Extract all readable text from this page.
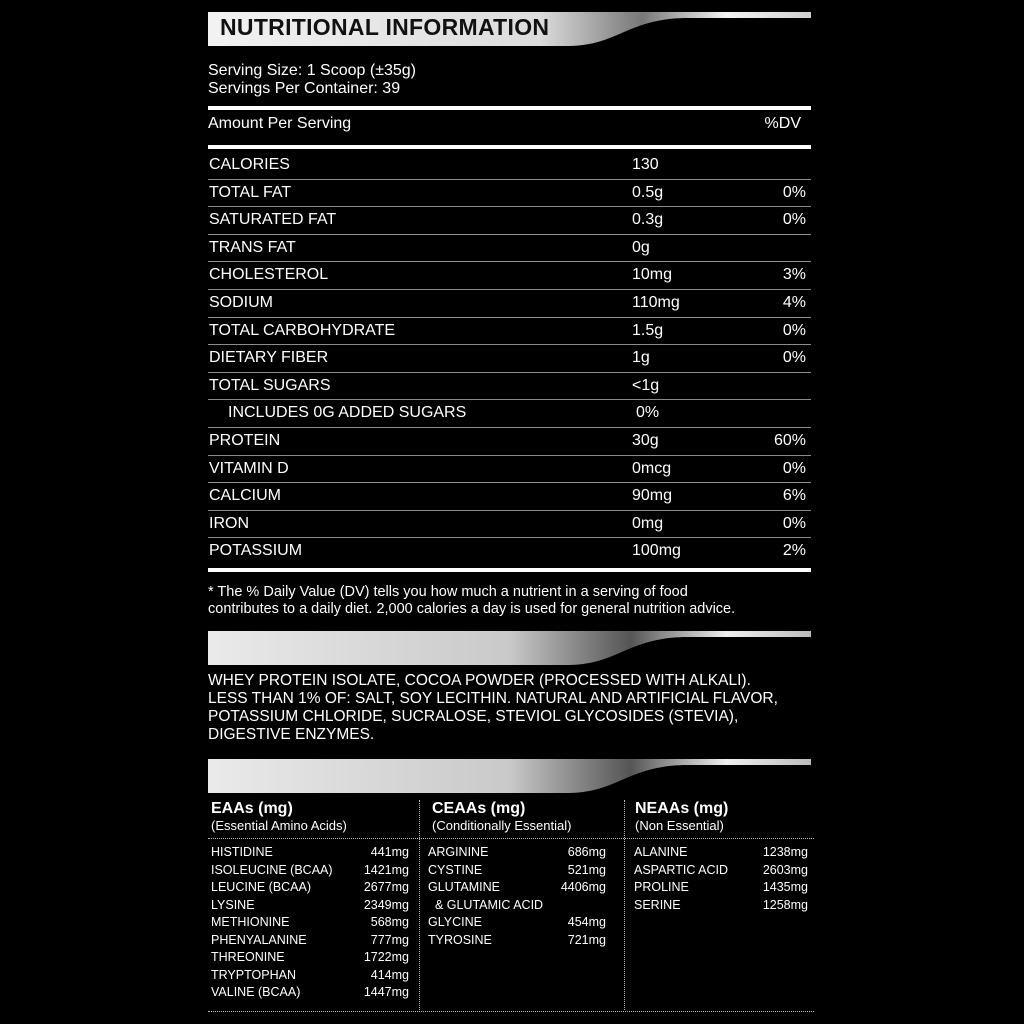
NUTRITIONAL INFORMATION
Serving Size: 1 Scoop (±35g)
Servings Per Container: 39
Amount Per Serving	%DV
CALORIES	130
TOTAL FAT	0.5g	0%
SATURATED FAT	0.3g	0%
TRANS FAT	0g
CHOLESTEROL	10mg	3%
SODIUM	110mg	4%
TOTAL CARBOHYDRATE	1.5g	0%
DIETARY FIBER	1g	0%
TOTAL SUGARS	<1g
INCLUDES 0G ADDED SUGARS	0%
PROTEIN	30g	60%
VITAMIN D	0mcg	0%
CALCIUM	90mg	6%
IRON	0mg	0%
POTASSIUM	100mg	2%
* The % Daily Value (DV) tells you how much a nutrient in a serving of food
contributes to a daily diet. 2,000 calories a day is used for general nutrition advice.
WHEY PROTEIN ISOLATE, COCOA POWDER (PROCESSED WITH ALKALI).
LESS THAN 1% OF: SALT, SOY LECITHIN. NATURAL AND ARTIFICIAL FLAVOR,
POTASSIUM CHLORIDE, SUCRALOSE, STEVIOL GLYCOSIDES (STEVIA),
DIGESTIVE ENZYMES.
EAAs (mg)
(Essential Amino Acids)
CEAAs (mg)
(Conditionally Essential)
NEAAs (mg)
(Non Essential)
HISTIDINE	441mg
ISOLEUCINE (BCAA)	1421mg
LEUCINE (BCAA)	2677mg
LYSINE	2349mg
METHIONINE	568mg
PHENYALANINE	777mg
THREONINE	1722mg
TRYPTOPHAN	414mg
VALINE (BCAA)	1447mg
ARGININE	686mg
CYSTINE	521mg
GLUTAMINE	4406mg
& GLUTAMIC ACID
GLYCINE	454mg
TYROSINE	721mg
ALANINE	1238mg
ASPARTIC ACID	2603mg
PROLINE	1435mg
SERINE	1258mg
